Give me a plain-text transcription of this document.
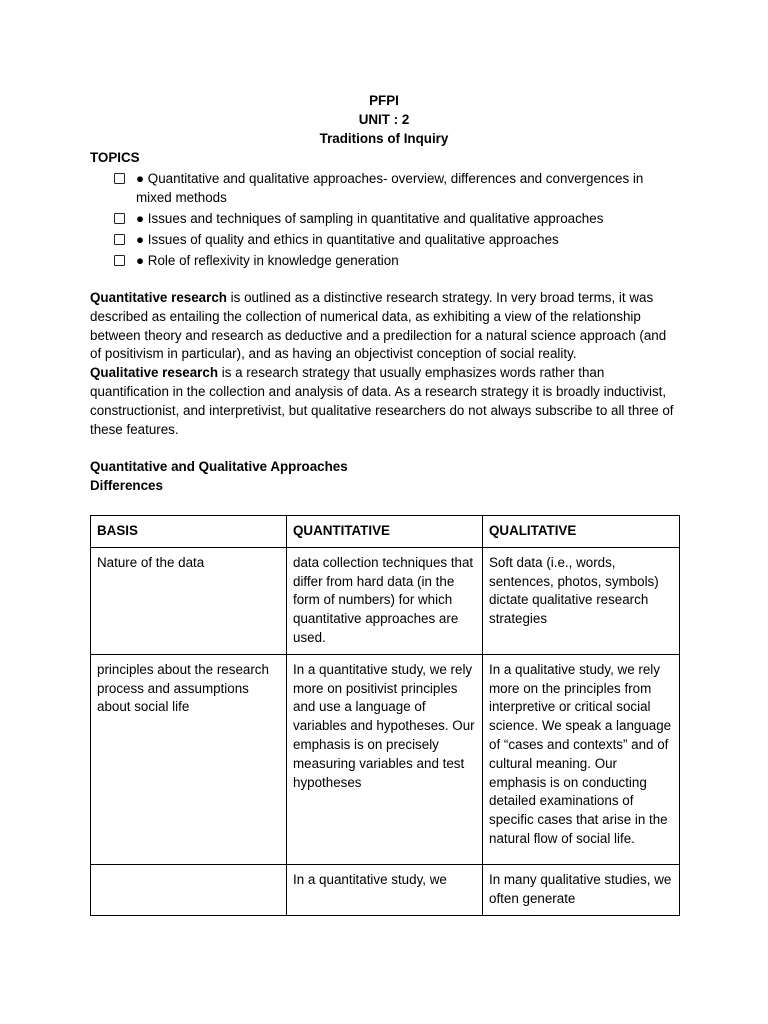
PFPI
UNIT : 2
Traditions of Inquiry
TOPICS
● Quantitative and qualitative approaches- overview, differences and convergences in mixed methods
● Issues and techniques of sampling in quantitative and qualitative approaches
● Issues of quality and ethics in quantitative and qualitative approaches
● Role of reflexivity in knowledge generation
Quantitative research is outlined as a distinctive research strategy. In very broad terms, it was described as entailing the collection of numerical data, as exhibiting a view of the relationship between theory and research as deductive and a predilection for a natural science approach (and of positivism in particular), and as having an objectivist conception of social reality.
Qualitative research is a research strategy that usually emphasizes words rather than quantification in the collection and analysis of data. As a research strategy it is broadly inductivist, constructionist, and interpretivist, but qualitative researchers do not always subscribe to all three of these features.
Quantitative and Qualitative Approaches
Differences
BASIS	QUANTITATIVE	QUALITATIVE
Nature of the data	data collection techniques that differ from hard data (in the form of numbers) for which quantitative approaches are used.	Soft data (i.e., words, sentences, photos, symbols) dictate qualitative research strategies
principles about the research process and assumptions about social life	In a quantitative study, we rely more on positivist principles and use a language of variables and hypotheses. Our emphasis is on precisely measuring variables and test hypotheses	In a qualitative study, we rely more on the principles from interpretive or critical social science. We speak a language of “cases and contexts” and of cultural meaning. Our emphasis is on conducting detailed examinations of specific cases that arise in the natural flow of social life.
	In a quantitative study, we	In many qualitative studies, we often generate
